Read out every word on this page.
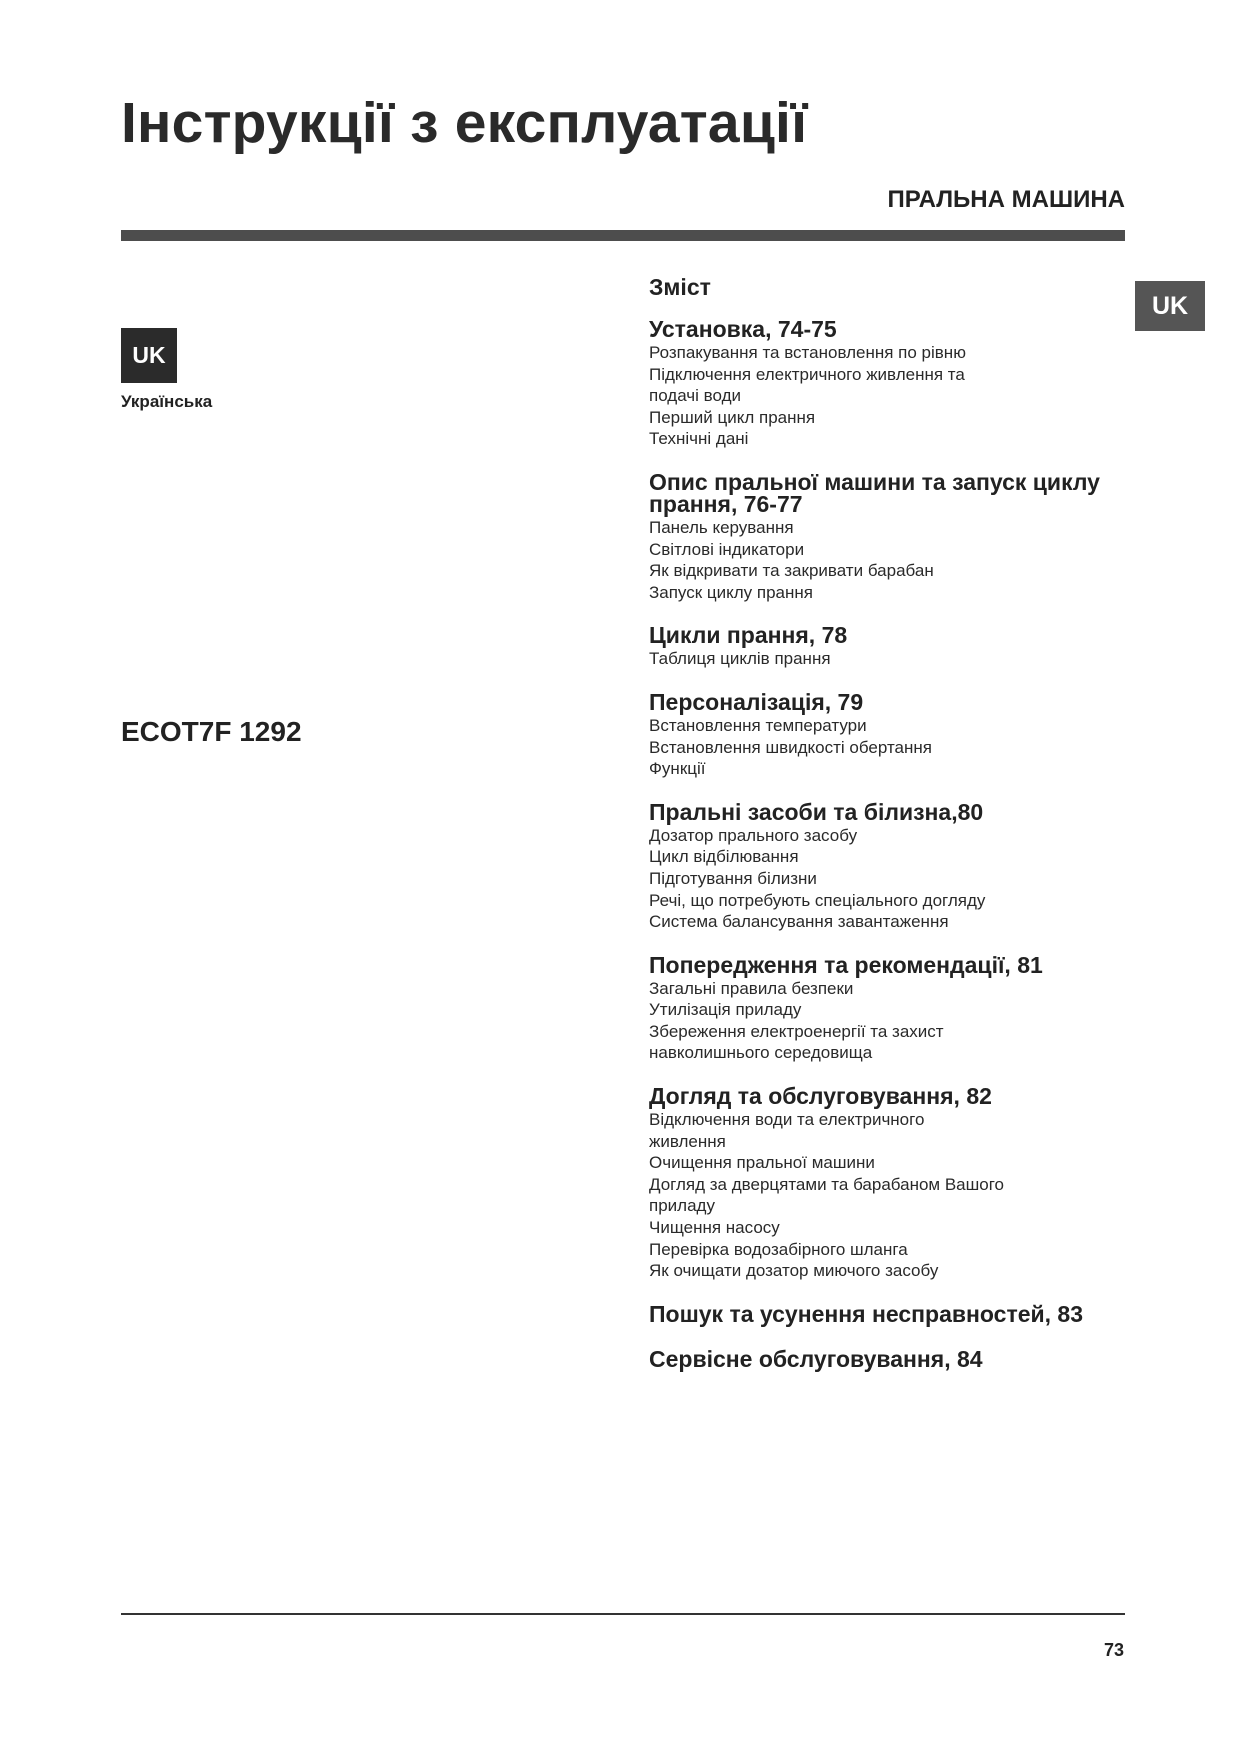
Інструкції з експлуатації
ПРАЛЬНА МАШИНА
UK
Українська
ECOT7F 1292
UK
Зміст
Установка, 74-75
Розпакування та встановлення по рівню
Підключення електричного живлення та
подачі води
Перший цикл прання
Технічні дані
Опис пральної машини та запуск циклу прання, 76-77
Панель керування
Світлові індикатори
Як відкривати та закривати барабан
Запуск циклу прання
Цикли прання, 78
Таблиця циклів прання
Персоналізація, 79
Встановлення температури
Встановлення швидкості обертання
Функції
Пральні засоби та білизна,80
Дозатор прального засобу
Цикл відбілювання
Підготування білизни
Речі, що потребують спеціального догляду
Система балансування завантаження
Попередження та рекомендації, 81
Загальні правила безпеки
Утилізація приладу
Збереження електроенергії та захист
навколишнього середовища
Догляд та обслуговування, 82
Відключення води та електричного
живлення
Очищення пральної машини
Догляд за дверцятами та барабаном Вашого
приладу
Чищення насосу
Перевірка водозабірного шланга
Як очищати дозатор миючого засобу
Пошук та усунення несправностей, 83
Сервісне обслуговування, 84
73
